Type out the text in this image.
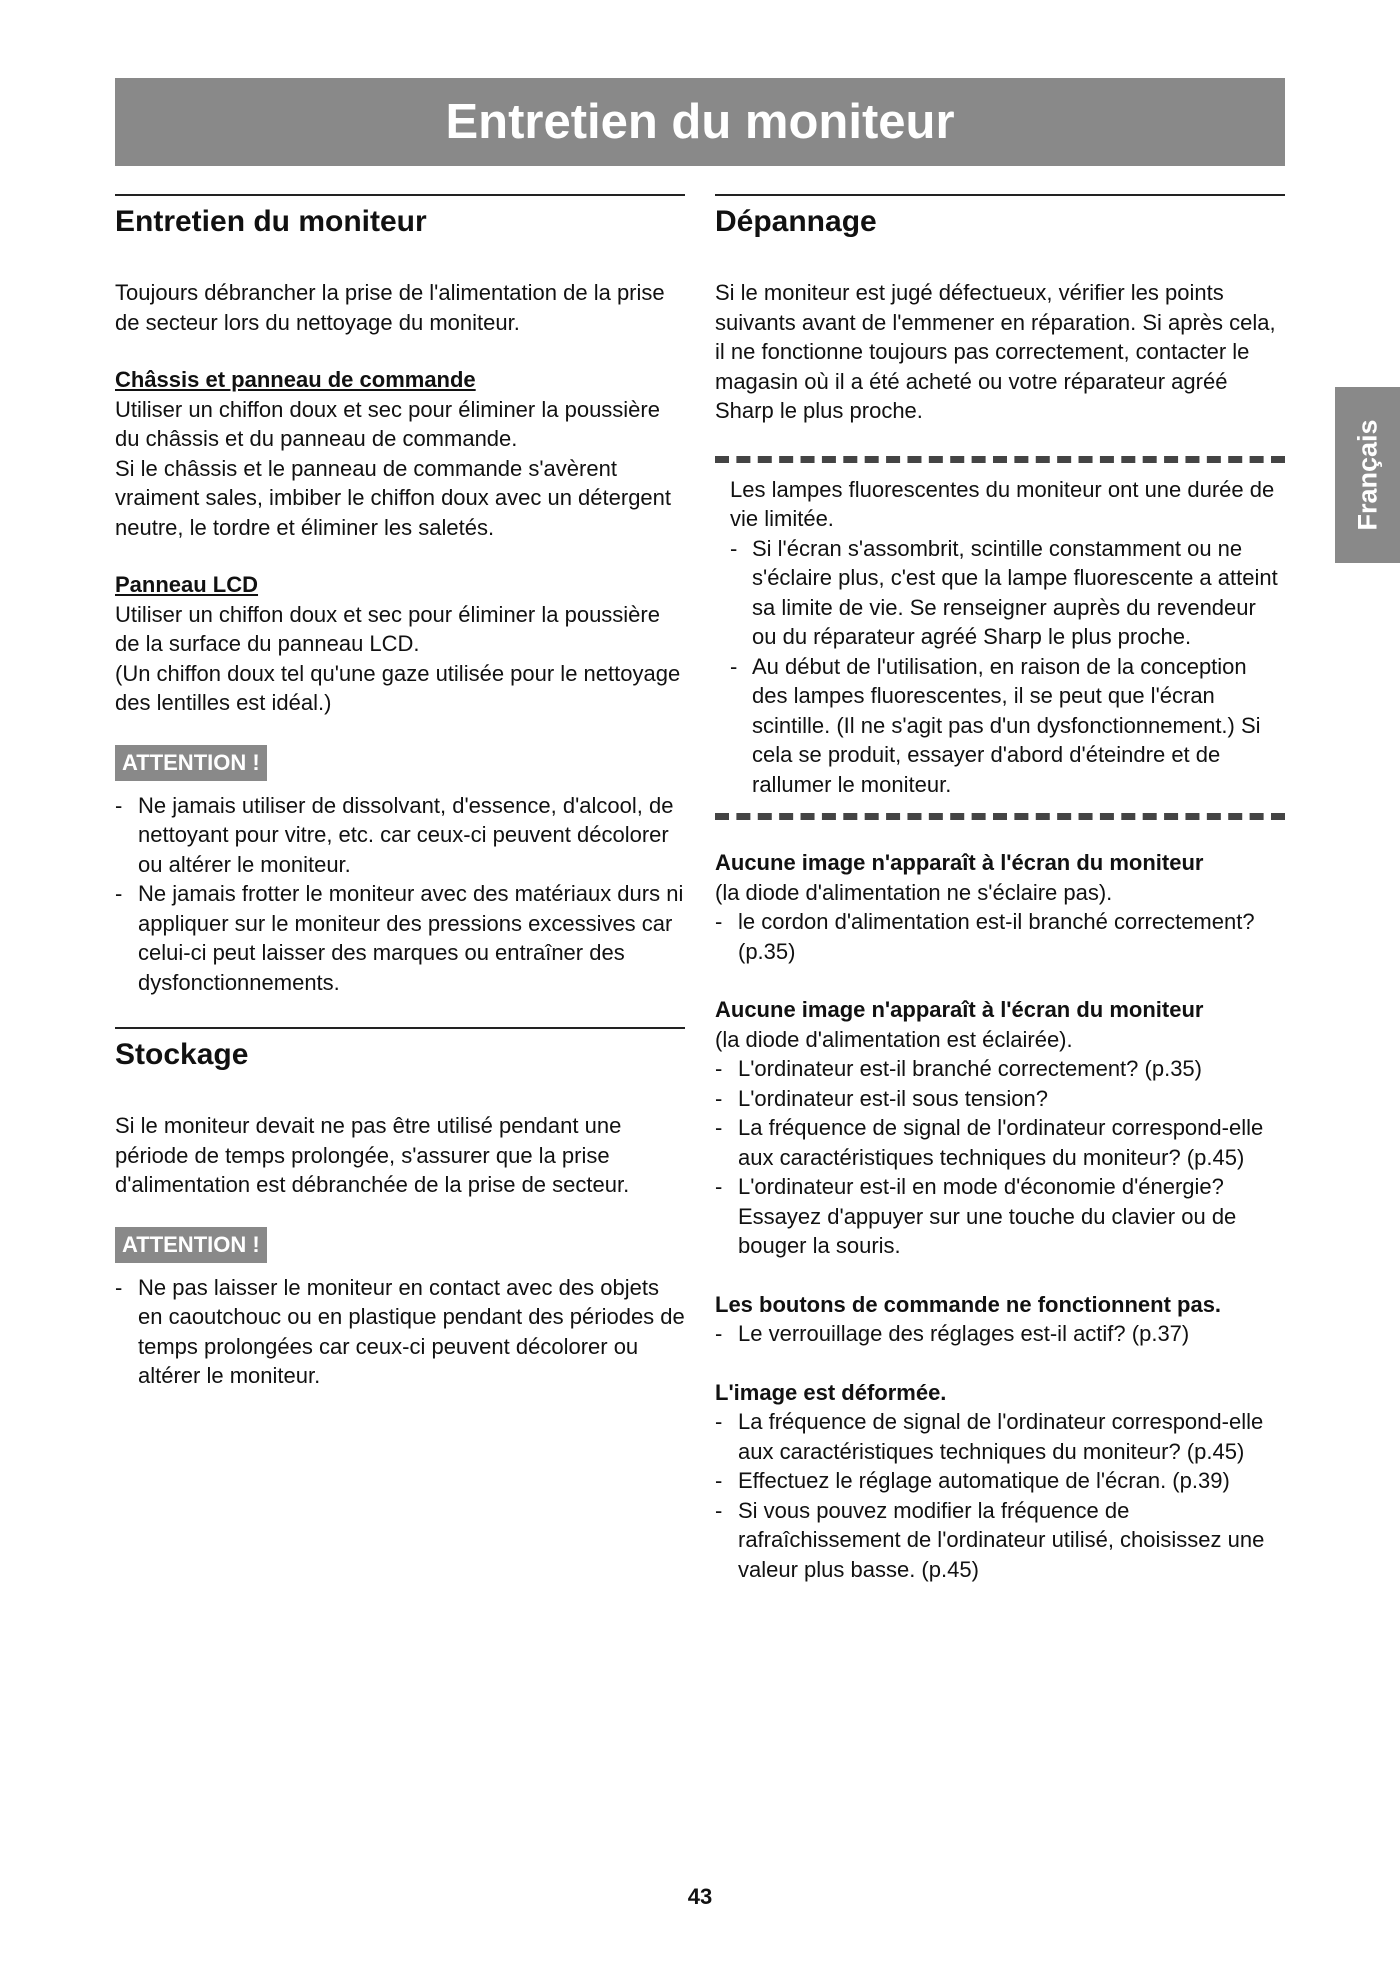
Entretien du moniteur
Français
Entretien du moniteur

Toujours débrancher la prise de l'alimentation de la prise de secteur lors du nettoyage du moniteur.

Châssis et panneau de commande

Utiliser un chiffon doux et sec pour éliminer la poussière du châssis et du panneau de commande.

Si le châssis et le panneau de commande s'avèrent vraiment sales, imbiber le chiffon doux avec un détergent neutre, le tordre et éliminer les saletés.

Panneau LCD

Utiliser un chiffon doux et sec pour éliminer la poussière de la surface du panneau LCD.

(Un chiffon doux tel qu'une gaze utilisée pour le nettoyage des lentilles est idéal.)

ATTENTION !
- Ne jamais utiliser de dissolvant, d'essence, d'alcool, de nettoyant pour vitre, etc. car ceux-ci peuvent décolorer ou altérer le moniteur.
- Ne jamais frotter le moniteur avec des matériaux durs ni appliquer sur le moniteur des pressions excessives car celui-ci peut laisser des marques ou entraîner des dysfonctionnements.
Stockage

Si le moniteur devait ne pas être utilisé pendant une période de temps prolongée, s'assurer que la prise d'alimentation est débranchée de la prise de secteur.

ATTENTION !
- Ne pas laisser le moniteur en contact avec des objets en caoutchouc ou en plastique pendant des périodes de temps prolongées car ceux-ci peuvent décolorer ou altérer le moniteur.
Dépannage

Si le moniteur est jugé défectueux, vérifier les points suivants avant de l'emmener en réparation. Si après cela, il ne fonctionne toujours pas correctement, contacter le magasin où il a été acheté ou votre réparateur agréé Sharp le plus proche.

Les lampes fluorescentes du moniteur ont une durée de vie limitée.

- Si l'écran s'assombrit, scintille constamment ou ne s'éclaire plus, c'est que la lampe fluorescente a atteint sa limite de vie. Se renseigner auprès du revendeur ou du réparateur agréé Sharp le plus proche.
- Au début de l'utilisation, en raison de la conception des lampes fluorescentes, il se peut que l'écran scintille. (Il ne s'agit pas d'un dysfonctionnement.) Si cela se produit, essayer d'abord d'éteindre et de rallumer le moniteur.

Aucune image n'apparaît à l'écran du moniteur

(la diode d'alimentation ne s'éclaire pas).

- le cordon d'alimentation est-il branché correctement? (p.35)

Aucune image n'apparaît à l'écran du moniteur

(la diode d'alimentation est éclairée).

- L'ordinateur est-il branché correctement? (p.35)
- L'ordinateur est-il sous tension?
- La fréquence de signal de l'ordinateur correspond-elle aux caractéristiques techniques du moniteur? (p.45)
- L'ordinateur est-il en mode d'économie d'énergie?

Essayez d'appuyer sur une touche du clavier ou de bouger la souris.

Les boutons de commande ne fonctionnent pas.

- Le verrouillage des réglages est-il actif? (p.37)

L'image est déformée.

- La fréquence de signal de l'ordinateur correspond-elle aux caractéristiques techniques du moniteur? (p.45)
- Effectuez le réglage automatique de l'écran. (p.39)
- Si vous pouvez modifier la fréquence de rafraîchissement de l'ordinateur utilisé, choisissez une valeur plus basse. (p.45)
43
